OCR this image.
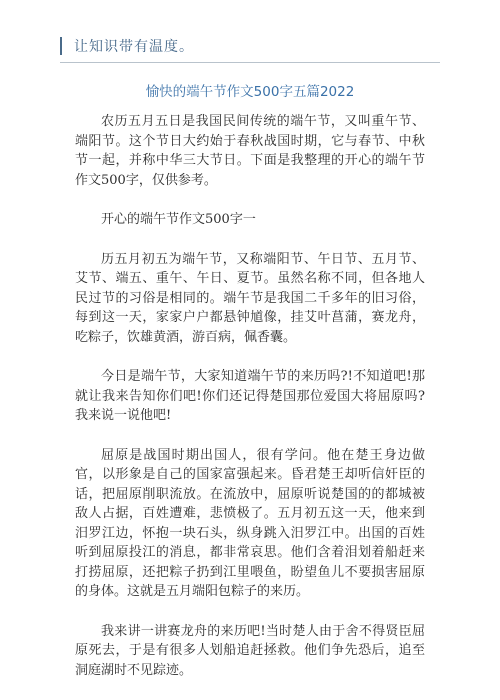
让知识带有温度。
愉快的端午节作文500字五篇2022

农历五月五日是我国民间传统的端午节，又叫重午节、端阳节。这个节日大约始于春秋战国时期，它与春节、中秋节一起，并称中华三大节日。下面是我整理的开心的端午节作文500字，仅供参考。

开心的端午节作文500字一

历五月初五为端午节，又称端阳节、午日节、五月节、艾节、端五、重午、午日、夏节。虽然名称不同，但各地人民过节的习俗是相同的。端午节是我国二千多年的旧习俗，每到这一天，家家户户都悬钟馗像，挂艾叶菖蒲，赛龙舟，吃粽子，饮雄黄酒，游百病，佩香囊。

今日是端午节，大家知道端午节的来历吗?!不知道吧!那就让我来告知你们吧!你们还记得楚国那位爱国大将屈原吗?我来说一说他吧!

屈原是战国时期出国人，很有学问。他在楚王身边做官，以形象是自己的国家富强起来。昏君楚王却听信奸臣的话，把屈原削职流放。在流放中，屈原听说楚国的的都城被敌人占据，百姓遭难，悲愤极了。五月初五这一天，他来到汨罗江边，怀抱一块石头，纵身跳入汨罗江中。出国的百姓听到屈原投江的消息，都非常哀思。他们含着泪划着船赶来打捞屈原，还把粽子扔到江里喂鱼，盼望鱼儿不要损害屈原的身体。这就是五月端阳包粽子的来历。

我来讲一讲赛龙舟的来历吧!当时楚人由于舍不得贤臣屈原死去，于是有很多人划船追赶拯救。他们争先恐后，追至洞庭湖时不见踪迹。
